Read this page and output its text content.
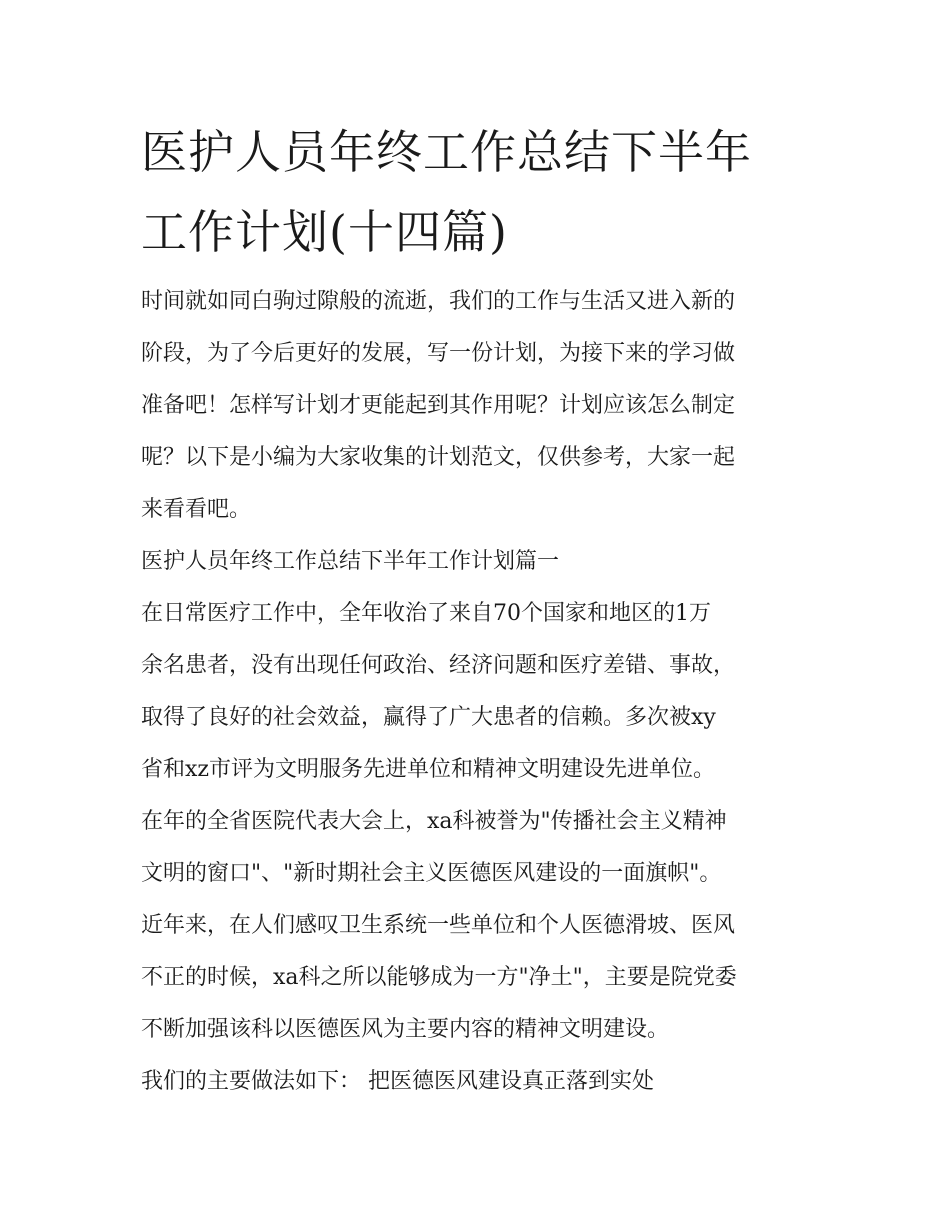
医护人员年终工作总结下半年
工作计划(十四篇)
时间就如同白驹过隙般的流逝，我们的工作与生活又进入新的
阶段，为了今后更好的发展，写一份计划，为接下来的学习做
准备吧！怎样写计划才更能起到其作用呢？计划应该怎么制定
呢？以下是小编为大家收集的计划范文，仅供参考，大家一起
来看看吧。
医护人员年终工作总结下半年工作计划篇一
在日常医疗工作中，全年收治了来自70个国家和地区的1万
余名患者，没有出现任何政治、经济问题和医疗差错、事故，
取得了良好的社会效益，赢得了广大患者的信赖。多次被xy
省和xz市评为文明服务先进单位和精神文明建设先进单位。
在年的全省医院代表大会上，xa科被誉为"传播社会主义精神
文明的窗口"、"新时期社会主义医德医风建设的一面旗帜"。
近年来，在人们感叹卫生系统一些单位和个人医德滑坡、医风
不正的时候，xa科之所以能够成为一方"净土"，主要是院党委
不断加强该科以医德医风为主要内容的精神文明建设。
我们的主要做法如下： 把医德医风建设真正落到实处
